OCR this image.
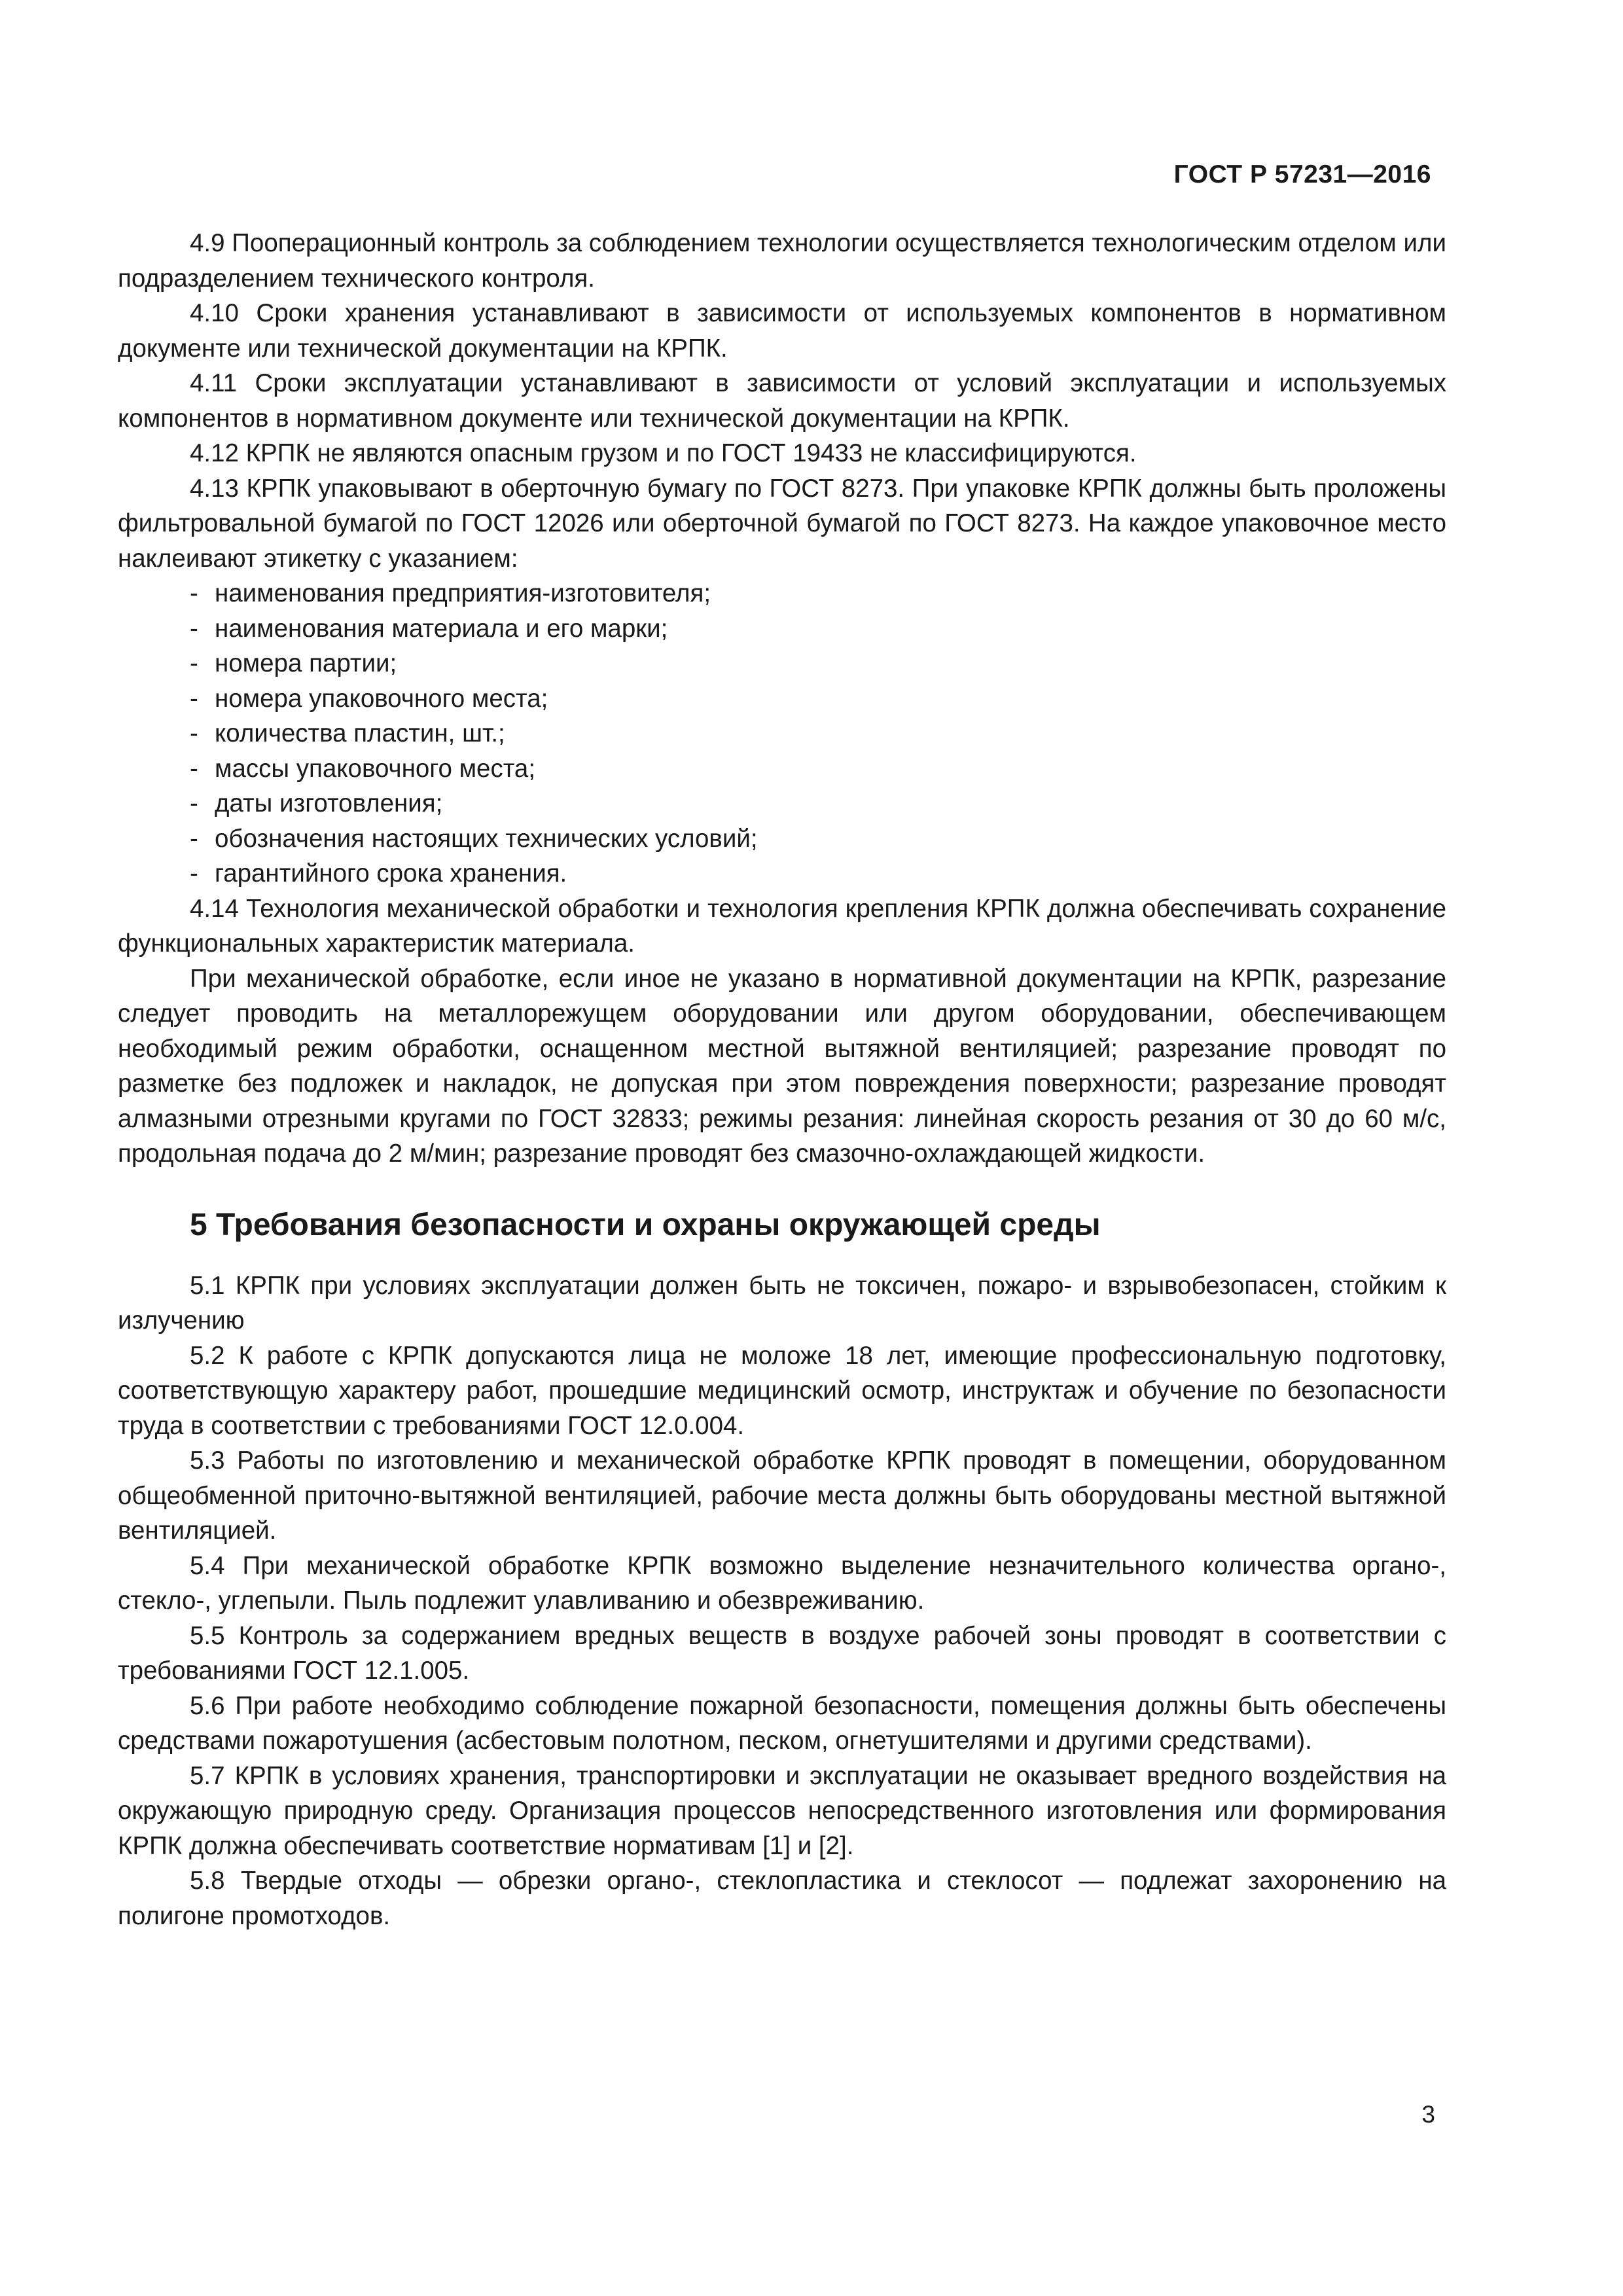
ГОСТ Р 57231—2016

4.9 Пооперационный контроль за соблюдением технологии осуществляется технологическим отделом или подразделением технического контроля.

4.10 Сроки хранения устанавливают в зависимости от используемых компонентов в нормативном документе или технической документации на КРПК.

4.11 Сроки эксплуатации устанавливают в зависимости от условий эксплуатации и используемых компонентов в нормативном документе или технической документации на КРПК.

4.12 КРПК не являются опасным грузом и по ГОСТ 19433 не классифицируются.

4.13 КРПК упаковывают в оберточную бумагу по ГОСТ 8273. При упаковке КРПК должны быть проложены фильтровальной бумагой по ГОСТ 12026 или оберточной бумагой по ГОСТ 8273. На каждое упаковочное место наклеивают этикетку с указанием:

- наименования предприятия-изготовителя;
- наименования материала и его марки;
- номера партии;
- номера упаковочного места;
- количества пластин, шт.;
- массы упаковочного места;
- даты изготовления;
- обозначения настоящих технических условий;
- гарантийного срока хранения.

4.14 Технология механической обработки и технология крепления КРПК должна обеспечивать сохранение функциональных характеристик материала.

При механической обработке, если иное не указано в нормативной документации на КРПК, разрезание следует проводить на металлорежущем оборудовании или другом оборудовании, обеспечивающем необходимый режим обработки, оснащенном местной вытяжной вентиляцией; разрезание проводят по разметке без подложек и накладок, не допуская при этом повреждения поверхности; разрезание проводят алмазными отрезными кругами по ГОСТ 32833; режимы резания: линейная скорость резания от 30 до 60 м/с, продольная подача до 2 м/мин; разрезание проводят без смазочно-охлаждающей жидкости.

5 Требования безопасности и охраны окружающей среды

5.1 КРПК при условиях эксплуатации должен быть не токсичен, пожаро- и взрывобезопасен, стойким к излучению

5.2 К работе с КРПК допускаются лица не моложе 18 лет, имеющие профессиональную подготовку, соответствующую характеру работ, прошедшие медицинский осмотр, инструктаж и обучение по безопасности труда в соответствии с требованиями ГОСТ 12.0.004.

5.3 Работы по изготовлению и механической обработке КРПК проводят в помещении, оборудованном общеобменной приточно-вытяжной вентиляцией, рабочие места должны быть оборудованы местной вытяжной вентиляцией.

5.4 При механической обработке КРПК возможно выделение незначительного количества органо-, стекло-, углепыли. Пыль подлежит улавливанию и обезвреживанию.

5.5 Контроль за содержанием вредных веществ в воздухе рабочей зоны проводят в соответствии с требованиями ГОСТ 12.1.005.

5.6 При работе необходимо соблюдение пожарной безопасности, помещения должны быть обеспечены средствами пожаротушения (асбестовым полотном, песком, огнетушителями и другими средствами).

5.7 КРПК в условиях хранения, транспортировки и эксплуатации не оказывает вредного воздействия на окружающую природную среду. Организация процессов непосредственного изготовления или формирования КРПК должна обеспечивать соответствие нормативам [1] и [2].

5.8 Твердые отходы — обрезки органо-, стеклопластика и стеклосот — подлежат захоронению на полигоне промотходов.

3
